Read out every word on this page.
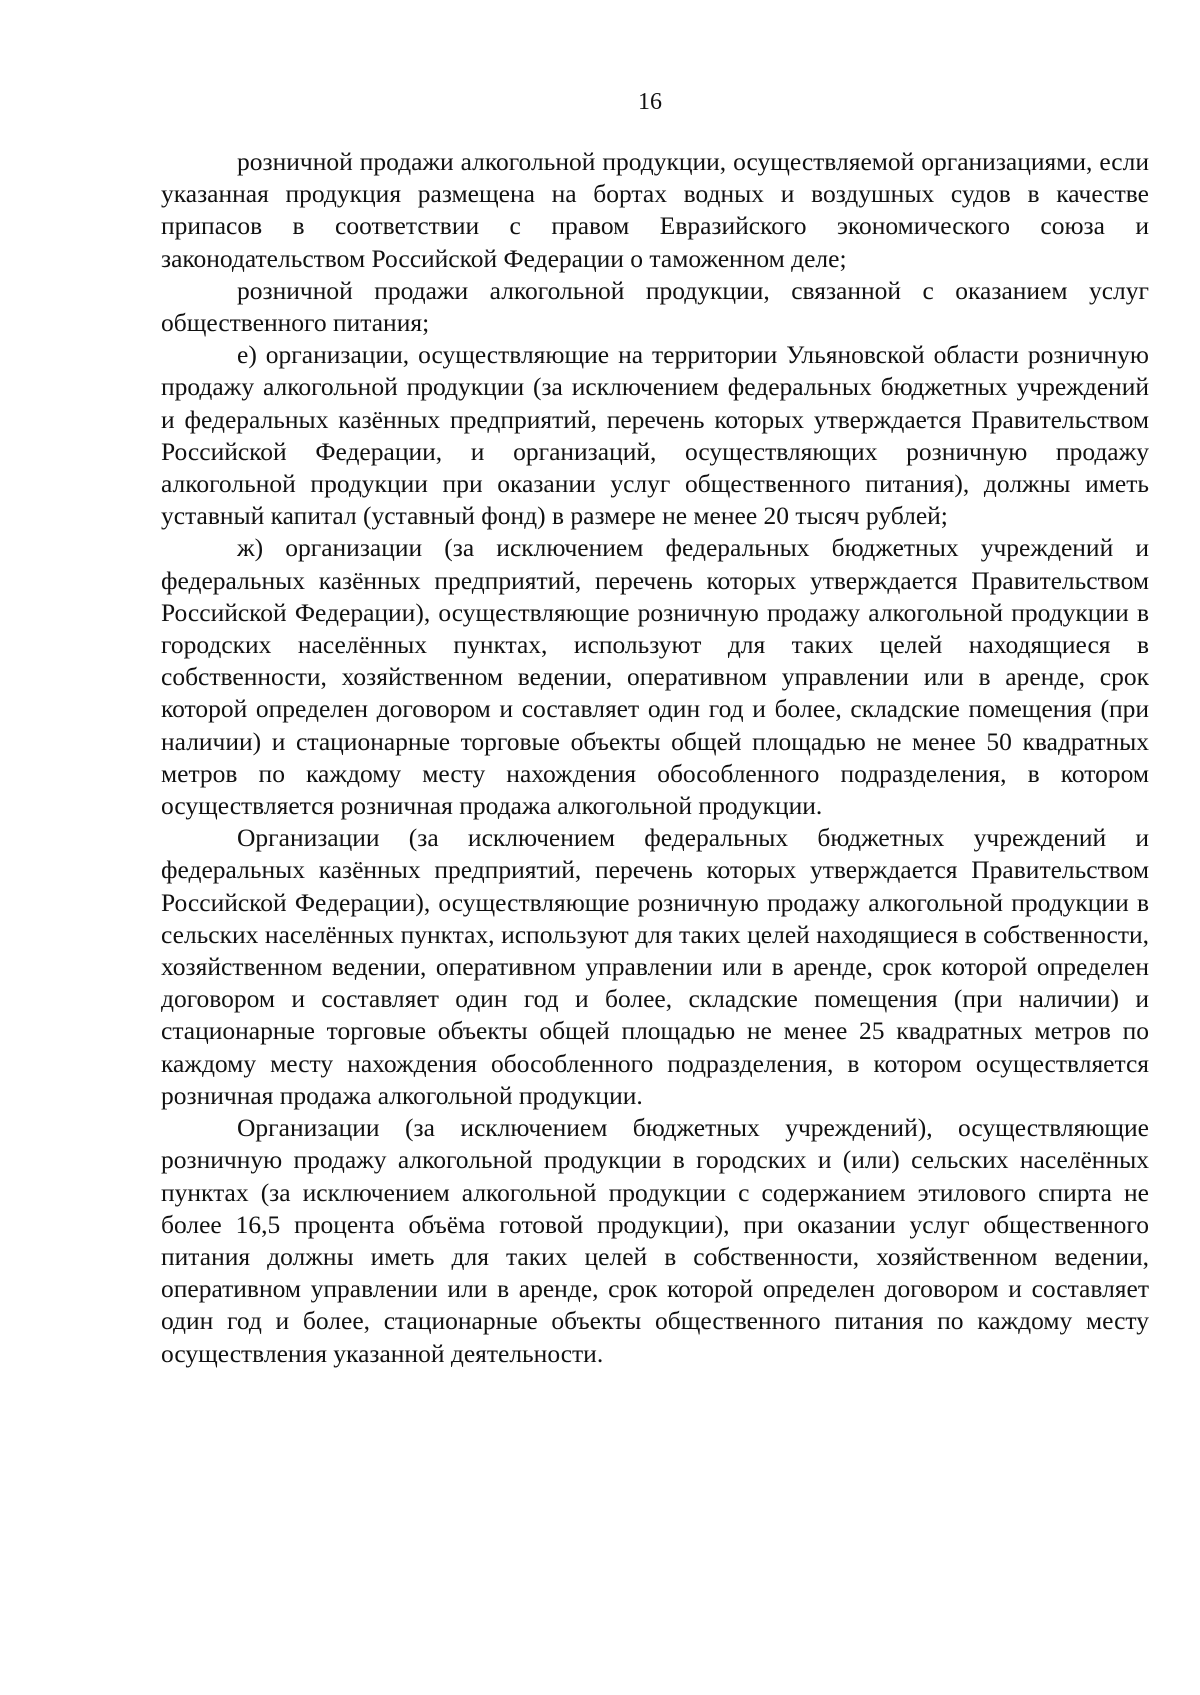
16

розничной продажи алкогольной продукции, осуществляемой организациями, если указанная продукция размещена на бортах водных и воздушных судов в качестве припасов в соответствии с правом Евразийского экономического союза и законодательством Российской Федерации о таможенном деле;

розничной продажи алкогольной продукции, связанной с оказанием услуг общественного питания;

е) организации, осуществляющие на территории Ульяновской области розничную продажу алкогольной продукции (за исключением федеральных бюджетных учреждений и федеральных казённых предприятий, перечень которых утверждается Правительством Российской Федерации, и организаций, осуществляющих розничную продажу алкогольной продукции при оказании услуг общественного питания), должны иметь уставный капитал (уставный фонд) в размере не менее 20 тысяч рублей;

ж) организации (за исключением федеральных бюджетных учреждений и федеральных казённых предприятий, перечень которых утверждается Правительством Российской Федерации), осуществляющие розничную продажу алкогольной продукции в городских населённых пунктах, используют для таких целей находящиеся в собственности, хозяйственном ведении, оперативном управлении или в аренде, срок которой определен договором и составляет один год и более, складские помещения (при наличии) и стационарные торговые объекты общей площадью не менее 50 квадратных метров по каждому месту нахождения обособленного подразделения, в котором осуществляется розничная продажа алкогольной продукции.

Организации (за исключением федеральных бюджетных учреждений и федеральных казённых предприятий, перечень которых утверждается Правительством Российской Федерации), осуществляющие розничную продажу алкогольной продукции в сельских населённых пунктах, используют для таких целей находящиеся в собственности, хозяйственном ведении, оперативном управлении или в аренде, срок которой определен договором и составляет один год и более, складские помещения (при наличии) и стационарные торговые объекты общей площадью не менее 25 квадратных метров по каждому месту нахождения обособленного подразделения, в котором осуществляется розничная продажа алкогольной продукции.

Организации (за исключением бюджетных учреждений), осуществляющие розничную продажу алкогольной продукции в городских и (или) сельских населённых пунктах (за исключением алкогольной продукции с содержанием этилового спирта не более 16,5 процента объёма готовой продукции), при оказании услуг общественного питания должны иметь для таких целей в собственности, хозяйственном ведении, оперативном управлении или в аренде, срок которой определен договором и составляет один год и более, стационарные объекты общественного питания по каждому месту осуществления указанной деятельности.
